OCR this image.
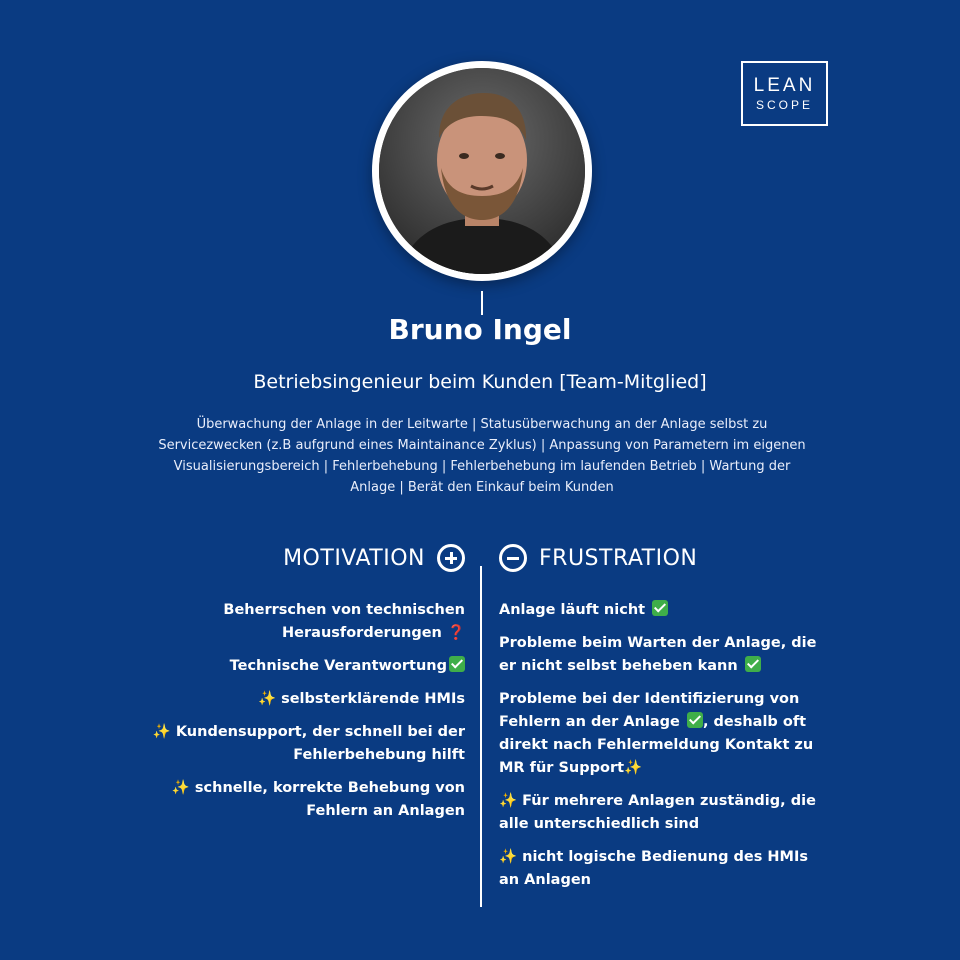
LEAN
SCOPE
Bruno Ingel
Betriebsingenieur beim Kunden [Team-Mitglied]
Überwachung der Anlage in der Leitwarte | Statusüberwachung an der Anlage selbst zu Servicezwecken (z.B aufgrund eines Maintainance Zyklus) | Anpassung von Parametern im eigenen Visualisierungsbereich | Fehlerbehebung | Fehlerbehebung im laufenden Betrieb | Wartung der Anlage | Berät den Einkauf beim Kunden
MOTIVATION	FRUSTRATION
Beherrschen von technischen Herausforderungen ❓
Technische Verantwortung
✨ selbsterklärende HMIs
✨ Kundensupport, der schnell bei der Fehlerbehebung hilft
✨ schnelle, korrekte Behebung von Fehlern an Anlagen
Anlage läuft nicht
Probleme beim Warten der Anlage, die er nicht selbst beheben kann
Probleme bei der Identifizierung von Fehlern an der Anlage , deshalb oft direkt nach Fehlermeldung Kontakt zu MR für Support✨
✨ Für mehrere Anlagen zuständig, die alle unterschiedlich sind
✨ nicht logische Bedienung des HMIs an Anlagen
